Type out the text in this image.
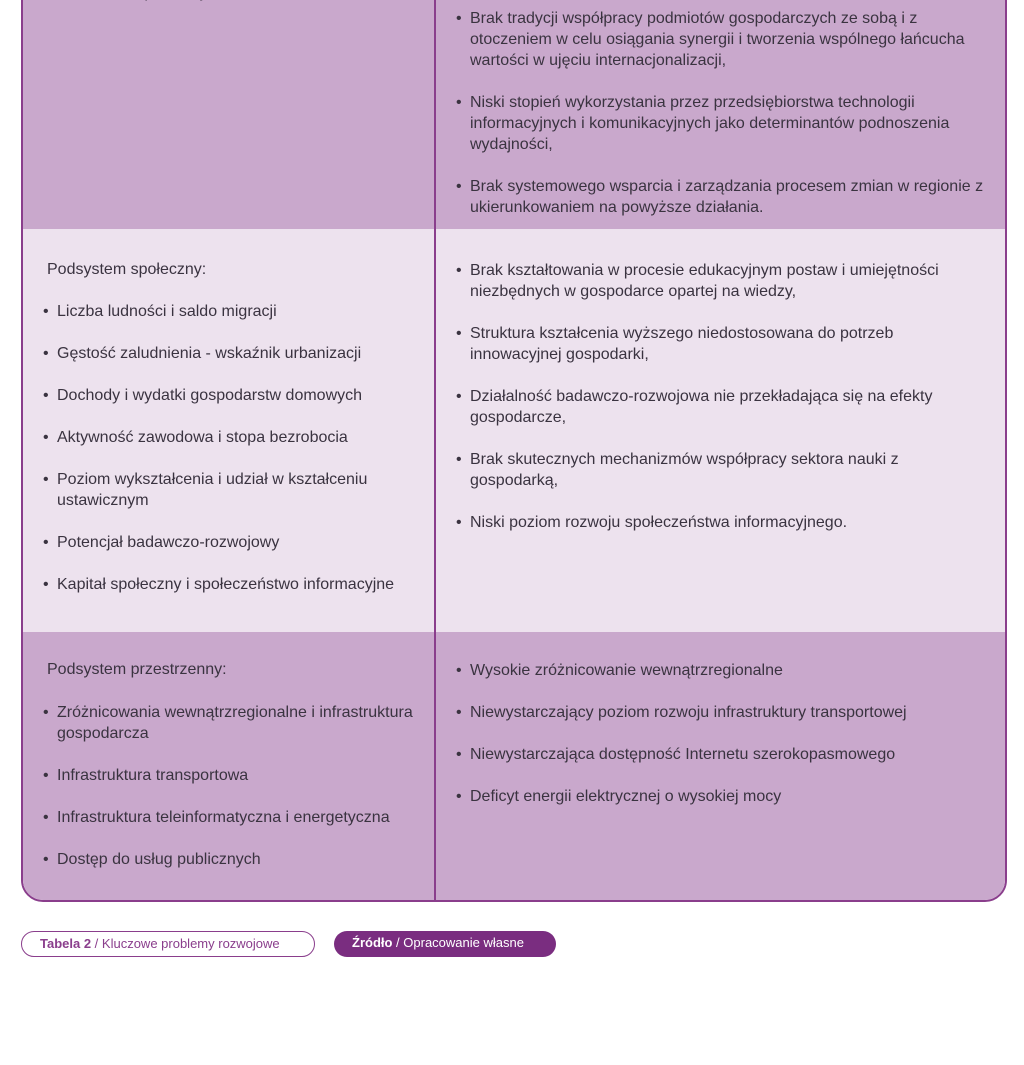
• Brak tradycji współpracy podmiotów gospodarczych ze sobą i z otoczeniem w celu osiągania synergii i tworzenia wspólnego łańcucha wartości w ujęciu internacjonalizacji,
• Niski stopień wykorzystania przez przedsiębiorstwa technologii informacyjnych i komunikacyjnych jako determinantów podnoszenia wydajności,
• Brak systemowego wsparcia i zarządzania procesem zmian w regionie z ukierunkowaniem na powyższe działania.
Podsystem społeczny:
• Liczba ludności i saldo migracji
• Gęstość zaludnienia - wskaźnik urbanizacji
• Dochody i wydatki gospodarstw domowych
• Aktywność zawodowa i stopa bezrobocia
• Poziom wykształcenia i udział w kształceniu ustawicznym
• Potencjał badawczo-rozwojowy
• Kapitał społeczny i społeczeństwo informacyjne
• Brak kształtowania w procesie edukacyjnym postaw i umiejętności niezbędnych w gospodarce opartej na wiedzy,
• Struktura kształcenia wyższego niedostosowana do potrzeb innowacyjnej gospodarki,
• Działalność badawczo-rozwojowa nie przekładająca się na efekty gospodarcze,
• Brak skutecznych mechanizmów współpracy sektora nauki z gospodarką,
• Niski poziom rozwoju społeczeństwa informacyjnego.
Podsystem przestrzenny:
• Zróżnicowania wewnątrzregionalne i infrastruktura gospodarcza
• Infrastruktura transportowa
• Infrastruktura teleinformatyczna i energetyczna
• Dostęp do usług publicznych
• Wysokie zróżnicowanie wewnątrzregionalne
• Niewystarczający poziom rozwoju infrastruktury transportowej
• Niewystarczająca dostępność Internetu szerokopasmowego
• Deficyt energii elektrycznej o wysokiej mocy
Tabela 2 / Kluczowe problemy rozwojowe	Źródło / Opracowanie własne
